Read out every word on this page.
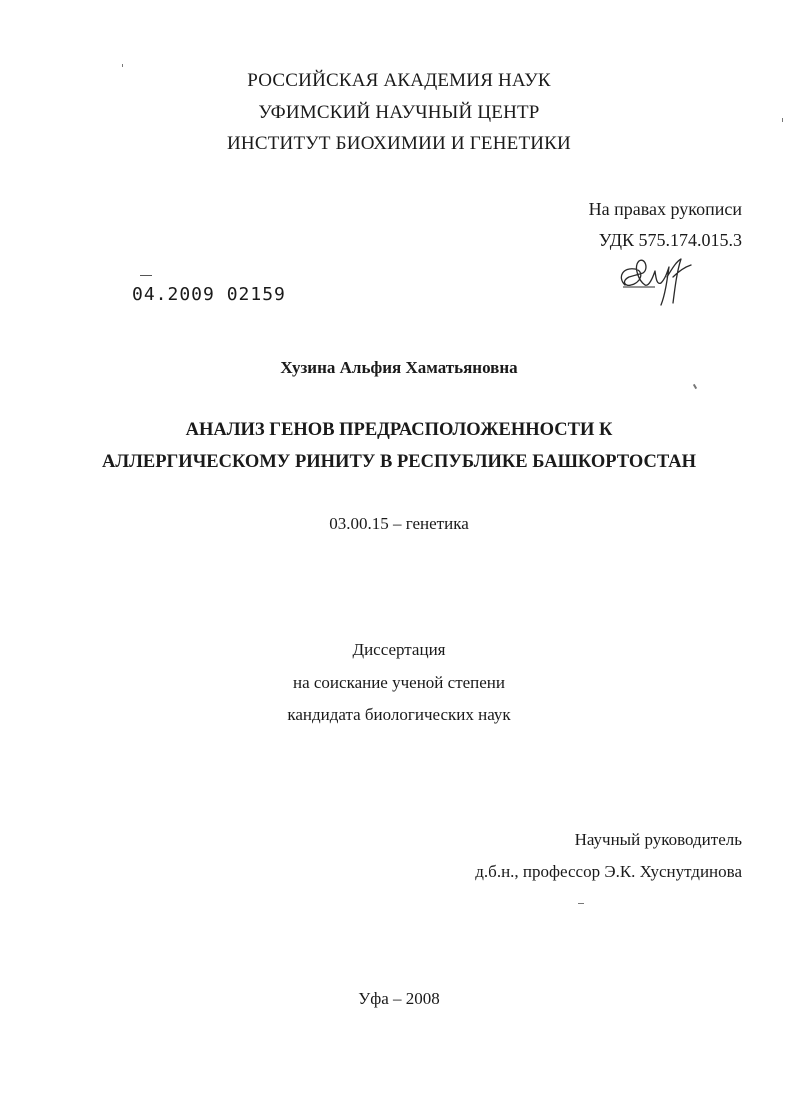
РОССИЙСКАЯ АКАДЕМИЯ НАУК
УФИМСКИЙ НАУЧНЫЙ ЦЕНТР
ИНСТИТУТ БИОХИМИИ И ГЕНЕТИКИ
На правах рукописи
УДК 575.174.015.3
04.2009 02159
Хузина Альфия Хаматьяновна
АНАЛИЗ ГЕНОВ ПРЕДРАСПОЛОЖЕННОСТИ К
АЛЛЕРГИЧЕСКОМУ РИНИТУ В РЕСПУБЛИКЕ БАШКОРТОСТАН
03.00.15 – генетика
Диссертация
на соискание ученой степени
кандидата биологических наук
Научный руководитель
д.б.н., профессор Э.К. Хуснутдинова
Уфа – 2008
